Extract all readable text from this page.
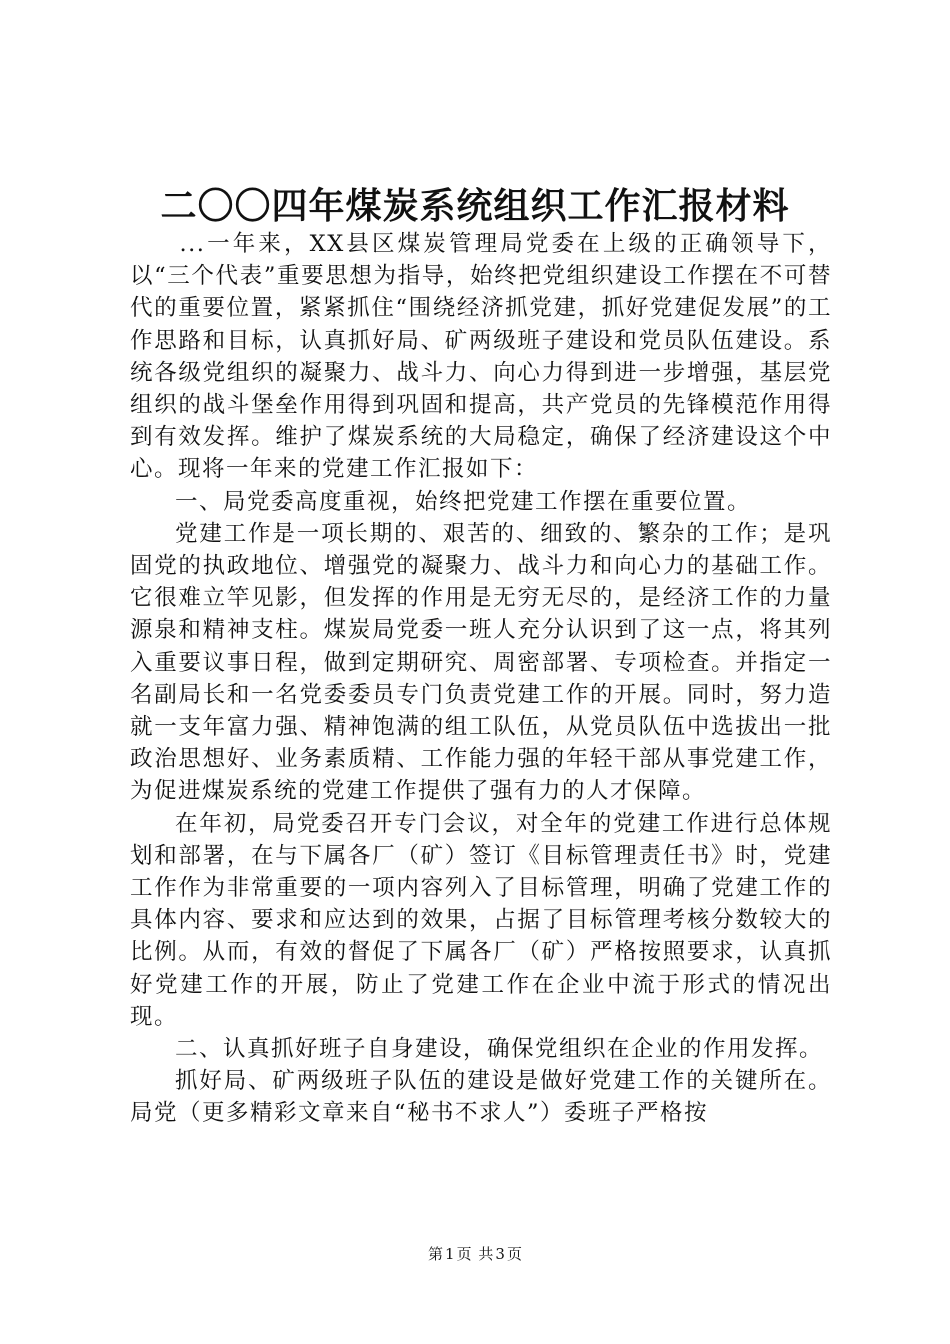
二〇〇四年煤炭系统组织工作汇报材料

...一年来，XX县区煤炭管理局党委在上级的正确领导下，以“三个代表”重要思想为指导，始终把党组织建设工作摆在不可替代的重要位置，紧紧抓住“围绕经济抓党建，抓好党建促发展”的工作思路和目标，认真抓好局、矿两级班子建设和党员队伍建设。系统各级党组织的凝聚力、战斗力、向心力得到进一步增强，基层党组织的战斗堡垒作用得到巩固和提高，共产党员的先锋模范作用得到有效发挥。维护了煤炭系统的大局稳定，确保了经济建设这个中心。现将一年来的党建工作汇报如下：

一、局党委高度重视，始终把党建工作摆在重要位置。

党建工作是一项长期的、艰苦的、细致的、繁杂的工作；是巩固党的执政地位、增强党的凝聚力、战斗力和向心力的基础工作。它很难立竿见影，但发挥的作用是无穷无尽的，是经济工作的力量源泉和精神支柱。煤炭局党委一班人充分认识到了这一点，将其列入重要议事日程，做到定期研究、周密部署、专项检查。并指定一名副局长和一名党委委员专门负责党建工作的开展。同时，努力造就一支年富力强、精神饱满的组工队伍，从党员队伍中选拔出一批政治思想好、业务素质精、工作能力强的年轻干部从事党建工作，为促进煤炭系统的党建工作提供了强有力的人才保障。

在年初，局党委召开专门会议，对全年的党建工作进行总体规划和部署，在与下属各厂（矿）签订《目标管理责任书》时，党建工作作为非常重要的一项内容列入了目标管理，明确了党建工作的具体内容、要求和应达到的效果，占据了目标管理考核分数较大的比例。从而，有效的督促了下属各厂（矿）严格按照要求，认真抓好党建工作的开展，防止了党建工作在企业中流于形式的情况出现。

二、认真抓好班子自身建设，确保党组织在企业的作用发挥。

抓好局、矿两级班子队伍的建设是做好党建工作的关键所在。局党（更多精彩文章来自“秘书不求人”）委班子严格按

第 1 页 共 3 页
